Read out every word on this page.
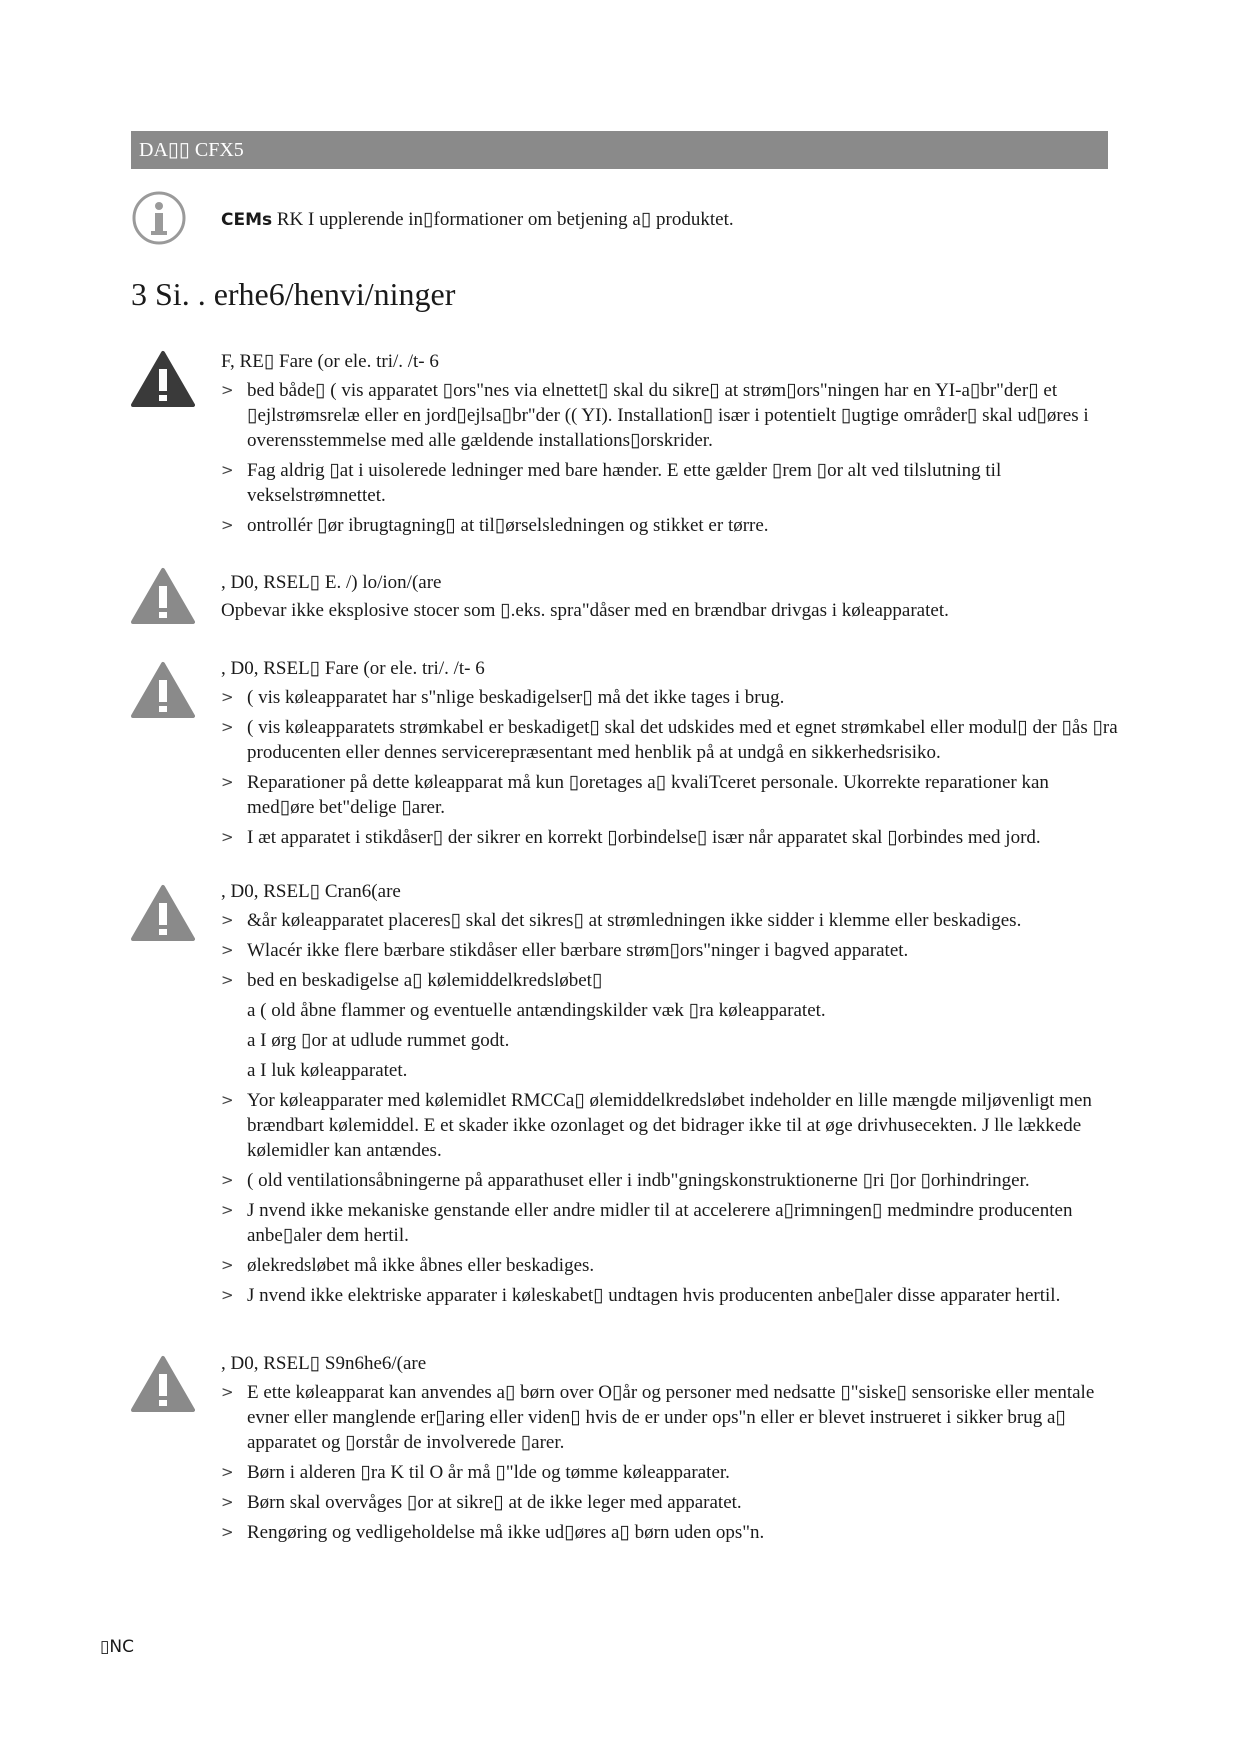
DA▯▯ CFX5
CEMs RK I upplerende in▯formationer om betjening a▯ produktet.
3 Si. . erhe6/henvi/ninger
F, RE▯ Fare (or ele. tri/. /t- 6
> bed både▯ ( vis apparatet ▯ors"nes via elnettet▯ skal du sikre▯ at strøm▯ors"ningen har en YI-a▯br"der▯ et ▯ejlstrømsrelæ eller en jord▯ejlsa▯br"der (( YI). Installation▯ især i potentielt ▯ugtige områder▯ skal ud▯øres i overensstemmelse med alle gældende installations▯orskrider.
> Fag aldrig ▯at i uisolerede ledninger med bare hænder. E ette gælder ▯rem ▯or alt ved tilslutning til vekselstrømnettet.
> ontrollér ▯ør ibrugtagning▯ at til▯ørselsledningen og stikket er tørre.
, D0, RSEL▯ E. /) lo/ion/(are
Opbevar ikke eksplosive stocer som ▯.eks. spra"dåser med en brændbar drivgas i køleapparatet.
, D0, RSEL▯ Fare (or ele. tri/. /t- 6
> ( vis køleapparatet har s"nlige beskadigelser▯ må det ikke tages i brug.
> ( vis køleapparatets strømkabel er beskadiget▯ skal det udskides med et egnet strømkabel eller modul▯ der ▯ås ▯ra producenten eller dennes servicerepræsentant med henblik på at undgå en sikkerhedsrisiko.
> Reparationer på dette køleapparat må kun ▯oretages a▯ kvaliTceret personale. Ukorrekte reparationer kan med▯øre bet"delige ▯arer.
> I æt apparatet i stikdåser▯ der sikrer en korrekt ▯orbindelse▯ især når apparatet skal ▯orbindes med jord.
, D0, RSEL▯ Cran6(are
> &år køleapparatet placeres▯ skal det sikres▯ at strømledningen ikke sidder i klemme eller beskadiges.
> Wlacér ikke flere bærbare stikdåser eller bærbare strøm▯ors"ninger i bagved apparatet.
> bed en beskadigelse a▯ kølemiddelkredsløbet▯
a ( old åbne flammer og eventuelle antændingskilder væk ▯ra køleapparatet.
a I ørg ▯or at udlude rummet godt.
a I luk køleapparatet.
> Yor køleapparater med kølemidlet RMCCa▯ ølemiddelkredsløbet indeholder en lille mængde miljøvenligt men brændbart kølemiddel. E et skader ikke ozonlaget og det bidrager ikke til at øge drivhusecekten. J lle lækkede kølemidler kan antændes.
> ( old ventilationsåbningerne på apparathuset eller i indb"gningskonstruktionerne ▯ri ▯or ▯orhindringer.
> J nvend ikke mekaniske genstande eller andre midler til at accelerere a▯rimningen▯ medmindre producenten anbe▯aler dem hertil.
> ølekredsløbet må ikke åbnes eller beskadiges.
> J nvend ikke elektriske apparater i køleskabet▯ undtagen hvis producenten anbe▯aler disse apparater hertil.
, D0, RSEL▯ S9n6he6/(are
> E ette køleapparat kan anvendes a▯ børn over O▯år og personer med nedsatte ▯"siske▯ sensoriske eller mentale evner eller manglende er▯aring eller viden▯ hvis de er under ops"n eller er blevet instrueret i sikker brug a▯ apparatet og ▯orstår de involverede ▯arer.
> Børn i alderen ▯ra K til O år må ▯"lde og tømme køleapparater.
> Børn skal overvåges ▯or at sikre▯ at de ikke leger med apparatet.
> Rengøring og vedligeholdelse må ikke ud▯øres a▯ børn uden ops"n.
▯NC
